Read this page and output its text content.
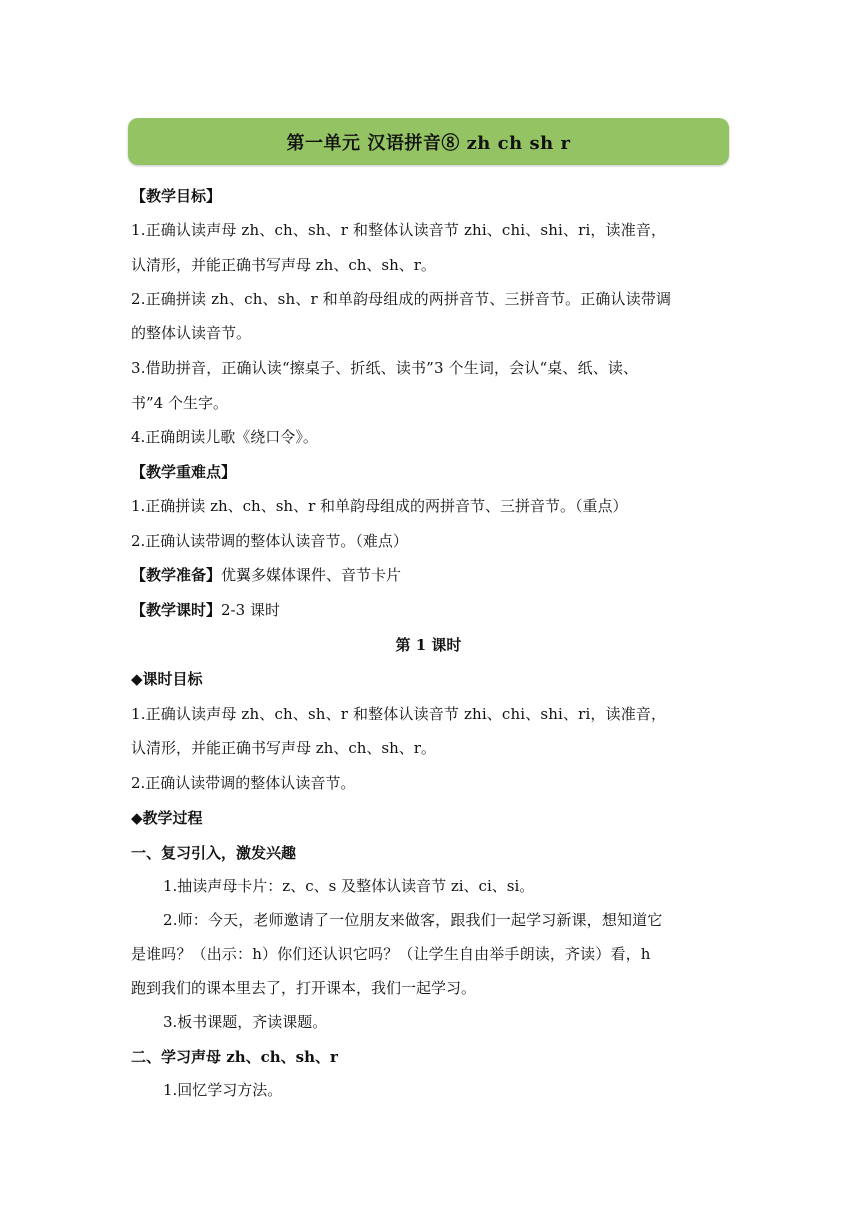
第一单元 汉语拼音⑧ zh ch sh r
【教学目标】
1.正确认读声母 zh、ch、sh、r 和整体认读音节 zhi、chi、shi、ri，读准音，
认清形，并能正确书写声母 zh、ch、sh、r。
2.正确拼读 zh、ch、sh、r 和单韵母组成的两拼音节、三拼音节。正确认读带调
的整体认读音节。
3.借助拼音，正确认读“擦桌子、折纸、读书”3 个生词，会认“桌、纸、读、
书”4 个生字。
4.正确朗读儿歌《绕口令》。
【教学重难点】
1.正确拼读 zh、ch、sh、r 和单韵母组成的两拼音节、三拼音节。（重点）
2.正确认读带调的整体认读音节。（难点）
【教学准备】优翼多媒体课件、音节卡片
【教学课时】2-3 课时
第 1 课时
◆课时目标
1.正确认读声母 zh、ch、sh、r 和整体认读音节 zhi、chi、shi、ri，读准音，
认清形，并能正确书写声母 zh、ch、sh、r。
2.正确认读带调的整体认读音节。
◆教学过程
一、复习引入，激发兴趣
1.抽读声母卡片：z、c、s 及整体认读音节 zi、ci、si。
2.师：今天，老师邀请了一位朋友来做客，跟我们一起学习新课，想知道它
是谁吗？（出示：h）你们还认识它吗？（让学生自由举手朗读，齐读）看，h
跑到我们的课本里去了，打开课本，我们一起学习。
3.板书课题，齐读课题。
二、学习声母 zh、ch、sh、r
1.回忆学习方法。
